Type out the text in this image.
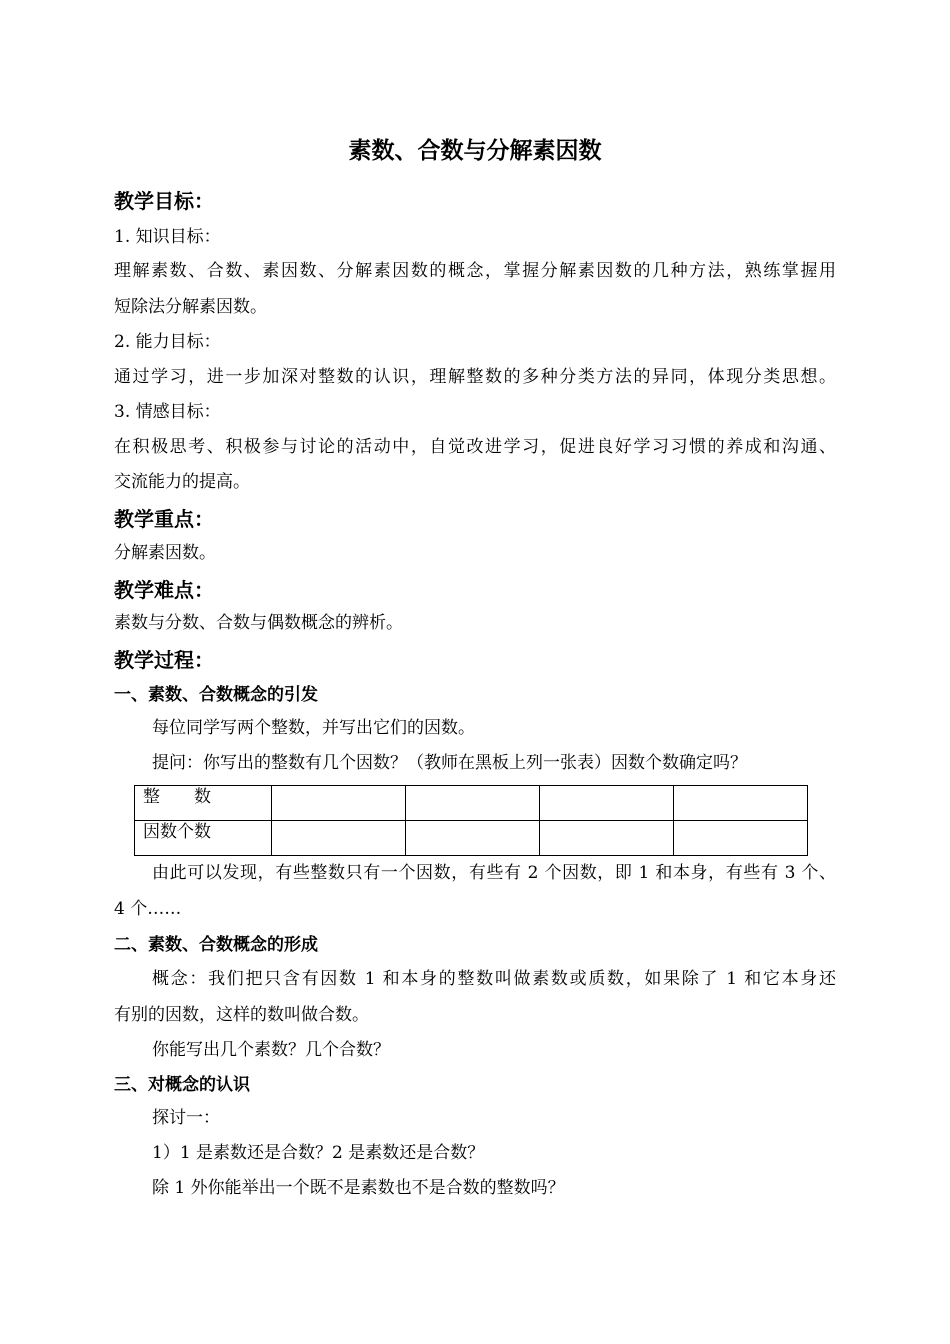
素数、合数与分解素因数
教学目标：
1. 知识目标：
理解素数、合数、素因数、分解素因数的概念，掌握分解素因数的几种方法，熟练掌握用
短除法分解素因数。
2. 能力目标：
通过学习，进一步加深对整数的认识，理解整数的多种分类方法的异同，体现分类思想。
3. 情感目标：
在积极思考、积极参与讨论的活动中，自觉改进学习，促进良好学习习惯的养成和沟通、
交流能力的提高。
教学重点：
分解素因数。
教学难点：
素数与分数、合数与偶数概念的辨析。
教学过程：
一、素数、合数概念的引发
每位同学写两个整数，并写出它们的因数。
提问：你写出的整数有几个因数？（教师在黑板上列一张表）因数个数确定吗？
整　　数				
因数个数				
由此可以发现，有些整数只有一个因数，有些有 2 个因数，即 1 和本身，有些有 3 个、
4 个……
二、素数、合数概念的形成
概念：我们把只含有因数 1 和本身的整数叫做素数或质数，如果除了 1 和它本身还
有别的因数，这样的数叫做合数。
你能写出几个素数？几个合数？
三、对概念的认识
探讨一：
1）1 是素数还是合数？2 是素数还是合数？
除 1 外你能举出一个既不是素数也不是合数的整数吗？
